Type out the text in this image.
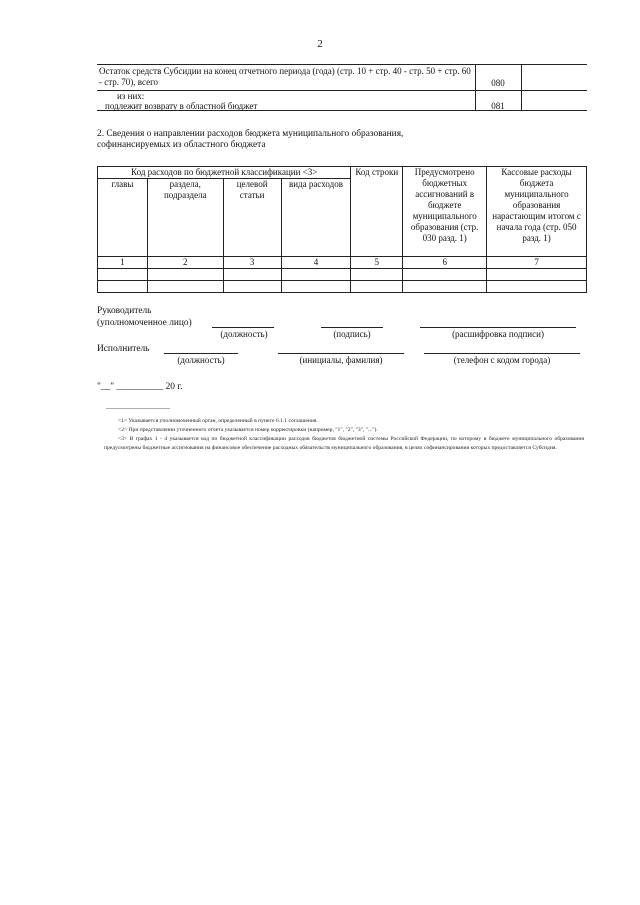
2
Остаток средств Субсидии на конец отчетного периода (года) (стр. 10 + стр. 40 - стр. 50 + стр. 60 - стр. 70), всего	080
из них:
подлежит возврату в областной бюджет	081
2. Сведения о направлении расходов бюджета муниципального образования,
софинансируемых из областного бюджета
Код расходов по бюджетной классификации <3>				Код строки	Предусмотрено бюджетных ассигнований в бюджете муниципального образования (стр. 030 разд. 1)	Кассовые расходы бюджета муниципального образования нарастающим итогом с начала года (стр. 050 разд. 1)
главы	раздела, подраздела	целевой статьи	вида расходов			
1	2	3	4	5	6	7

Руководитель
(уполномоченное лицо)
(должность)	(подпись)	(расшифровка подписи)
Исполнитель
(должность)	(инициалы, фамилия)	(телефон с кодом города)
"__" __________ 20 г.
--------------------------------
<1> Указывается уполномоченный орган, определенный в пункте 6.1.1 соглашения.
<2> При представлении уточненного отчета указывается номер корректировки (например, "1", "2", "3", "...").
<3> В графах 1 - 4 указывается код по бюджетной классификации расходов бюджетов бюджетной системы Российской Федерации, по которому в бюджете муниципального образования предусмотрены бюджетные ассигнования на финансовое обеспечение расходных обязательств муниципального образования, в целях софинансирования которых предоставляется Субсидия.
